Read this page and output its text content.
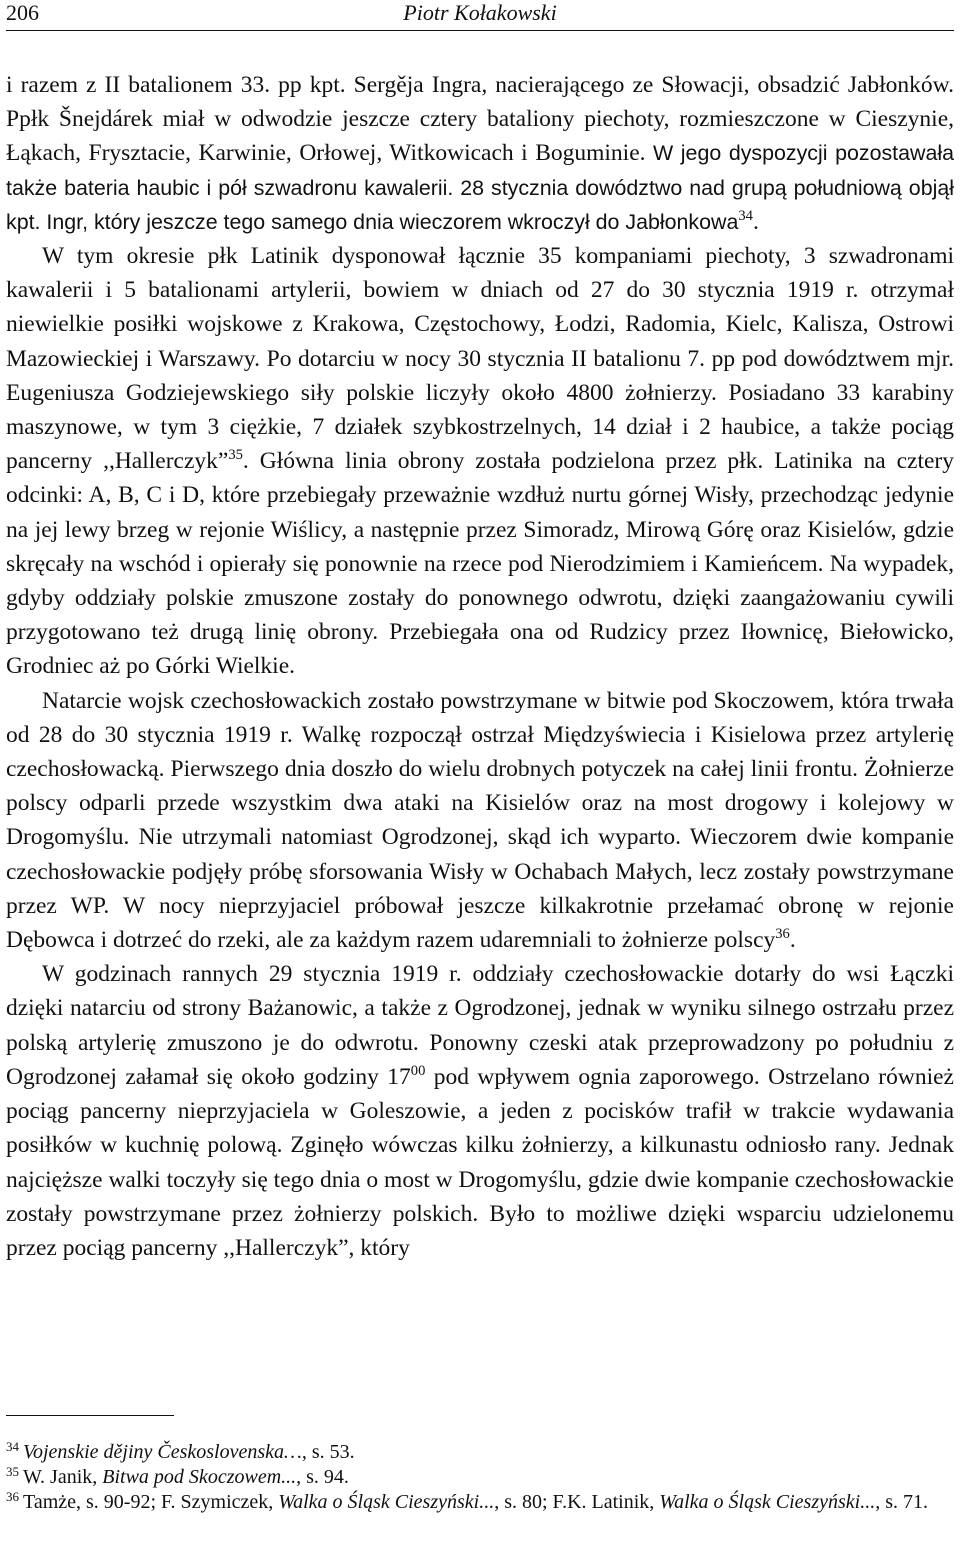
206	Piotr Kołakowski

i razem z II batalionem 33. pp kpt. Sergěja Ingra, nacierającego ze Słowacji, obsadzić Jabłonków. Ppłk Šnejdárek miał w odwodzie jeszcze cztery bataliony piechoty, rozmieszczone w Cieszynie, Łąkach, Frysztacie, Karwinie, Orłowej, Witkowicach i Boguminie. W jego dyspozycji pozostawała także bateria haubic i pół szwadronu kawalerii. 28 stycznia dowództwo nad grupą południową objął kpt. Ingr, który jeszcze tego samego dnia wieczorem wkroczył do Jabłonkowa$^{34}$.

W tym okresie płk Latinik dysponował łącznie 35 kompaniami piechoty, 3 szwadronami kawalerii i 5 batalionami artylerii, bowiem w dniach od 27 do 30 stycznia 1919 r. otrzymał niewielkie posiłki wojskowe z Krakowa, Częstochowy, Łodzi, Radomia, Kielc, Kalisza, Ostrowi Mazowieckiej i Warszawy. Po dotarciu w nocy 30 stycznia II batalionu 7. pp pod dowództwem mjr. Eugeniusza Godziejewskiego siły polskie liczyły około 4800 żołnierzy. Posiadano 33 karabiny maszynowe, w tym 3 ciężkie, 7 działek szybkostrzelnych, 14 dział i 2 haubice, a także pociąg pancerny ,,Hallerczyk”$^{35}$. Główna linia obrony została podzielona przez płk. Latinika na cztery odcinki: A, B, C i D, które przebiegały przeważnie wzdłuż nurtu górnej Wisły, przechodząc jedynie na jej lewy brzeg w rejonie Wiślicy, a następnie przez Simoradz, Mirową Górę oraz Kisielów, gdzie skręcały na wschód i opierały się ponownie na rzece pod Nierodzimiem i Kamieńcem. Na wypadek, gdyby oddziały polskie zmuszone zostały do ponownego odwrotu, dzięki zaangażowaniu cywili przygotowano też drugą linię obrony. Przebiegała ona od Rudzicy przez Iłownicę, Biełowicko, Grodniec aż po Górki Wielkie.

Natarcie wojsk czechosłowackich zostało powstrzymane w bitwie pod Skoczowem, która trwała od 28 do 30 stycznia 1919 r. Walkę rozpoczął ostrzał Międzyświecia i Kisielowa przez artylerię czechosłowacką. Pierwszego dnia doszło do wielu drobnych potyczek na całej linii frontu. Żołnierze polscy odparli przede wszystkim dwa ataki na Kisielów oraz na most drogowy i kolejowy w Drogomyślu. Nie utrzymali natomiast Ogrodzonej, skąd ich wyparto. Wieczorem dwie kompanie czechosłowackie podjęły próbę sforsowania Wisły w Ochabach Małych, lecz zostały powstrzymane przez WP. W nocy nieprzyjaciel próbował jeszcze kilkakrotnie przełamać obronę w rejonie Dębowca i dotrzeć do rzeki, ale za każdym razem udaremniali to żołnierze polscy$^{36}$.

W godzinach rannych 29 stycznia 1919 r. oddziały czechosłowackie dotarły do wsi Łączki dzięki natarciu od strony Bażanowic, a także z Ogrodzonej, jednak w wyniku silnego ostrzału przez polską artylerię zmuszono je do odwrotu. Ponowny czeski atak przeprowadzony po południu z Ogrodzonej załamał się około godziny $17^{00}$ pod wpływem ognia zaporowego. Ostrzelano również pociąg pancerny nieprzyjaciela w Goleszowie, a jeden z pocisków trafił w trakcie wydawania posiłków w kuchnię polową. Zginęło wówczas kilku żołnierzy, a kilkunastu odniosło rany. Jednak najcięższe walki toczyły się tego dnia o most w Drogomyślu, gdzie dwie kompanie czechosłowackie zostały powstrzymane przez żołnierzy polskich. Było to możliwe dzięki wsparciu udzielonemu przez pociąg pancerny ,,Hallerczyk”, który

$^{34}$ Vojenskie dějiny Československa…, s. 53.

$^{35}$ W. Janik, Bitwa pod Skoczowem..., s. 94.

$^{36}$ Tamże, s. 90-92; F. Szymiczek, Walka o Śląsk Cieszyński..., s. 80; F.K. Latinik, Walka o Śląsk Cieszyński..., s. 71.
